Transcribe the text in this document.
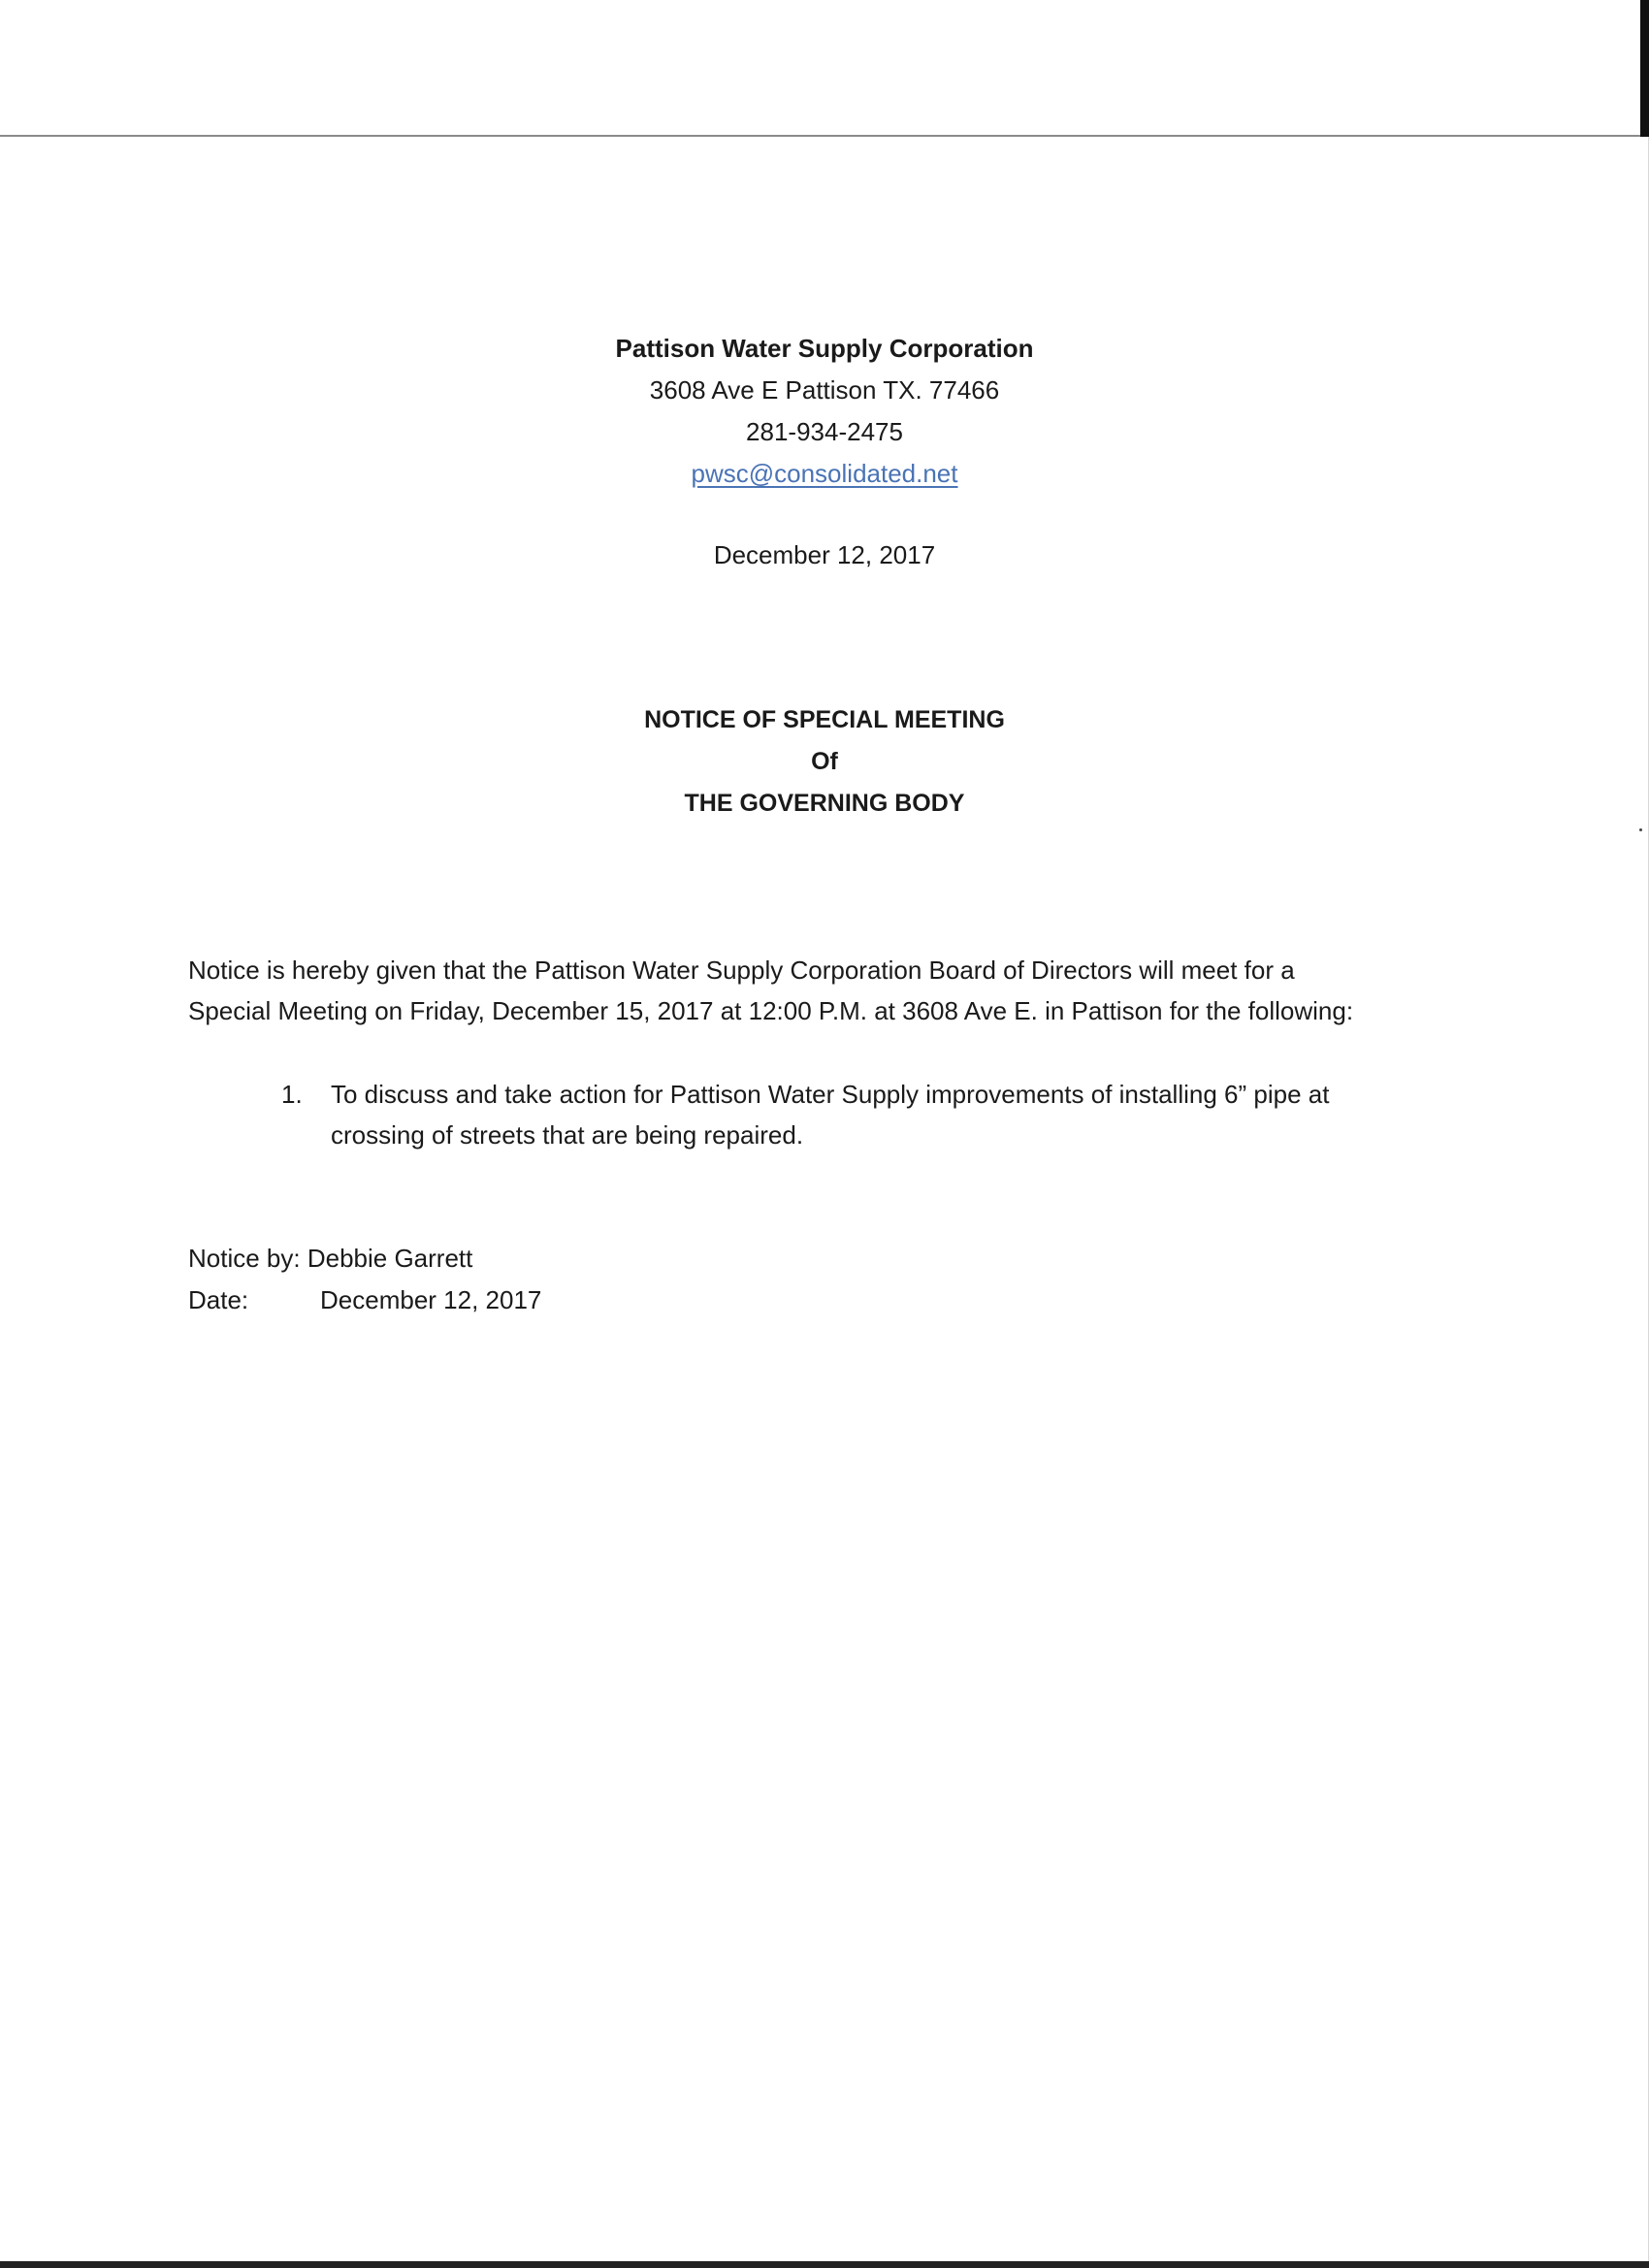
Pattison Water Supply Corporation
3608 Ave E Pattison TX. 77466
281-934-2475
pwsc@consolidated.net
December 12, 2017
NOTICE OF SPECIAL MEETING
Of
THE GOVERNING BODY
Notice is hereby given that the Pattison Water Supply Corporation Board of Directors will meet for a
Special Meeting on Friday, December 15, 2017 at 12:00 P.M. at 3608 Ave E. in Pattison for the following:
1. To discuss and take action for Pattison Water Supply improvements of installing 6” pipe at
crossing of streets that are being repaired.
Notice by:
Debbie Garrett
Date:	December 12, 2017
